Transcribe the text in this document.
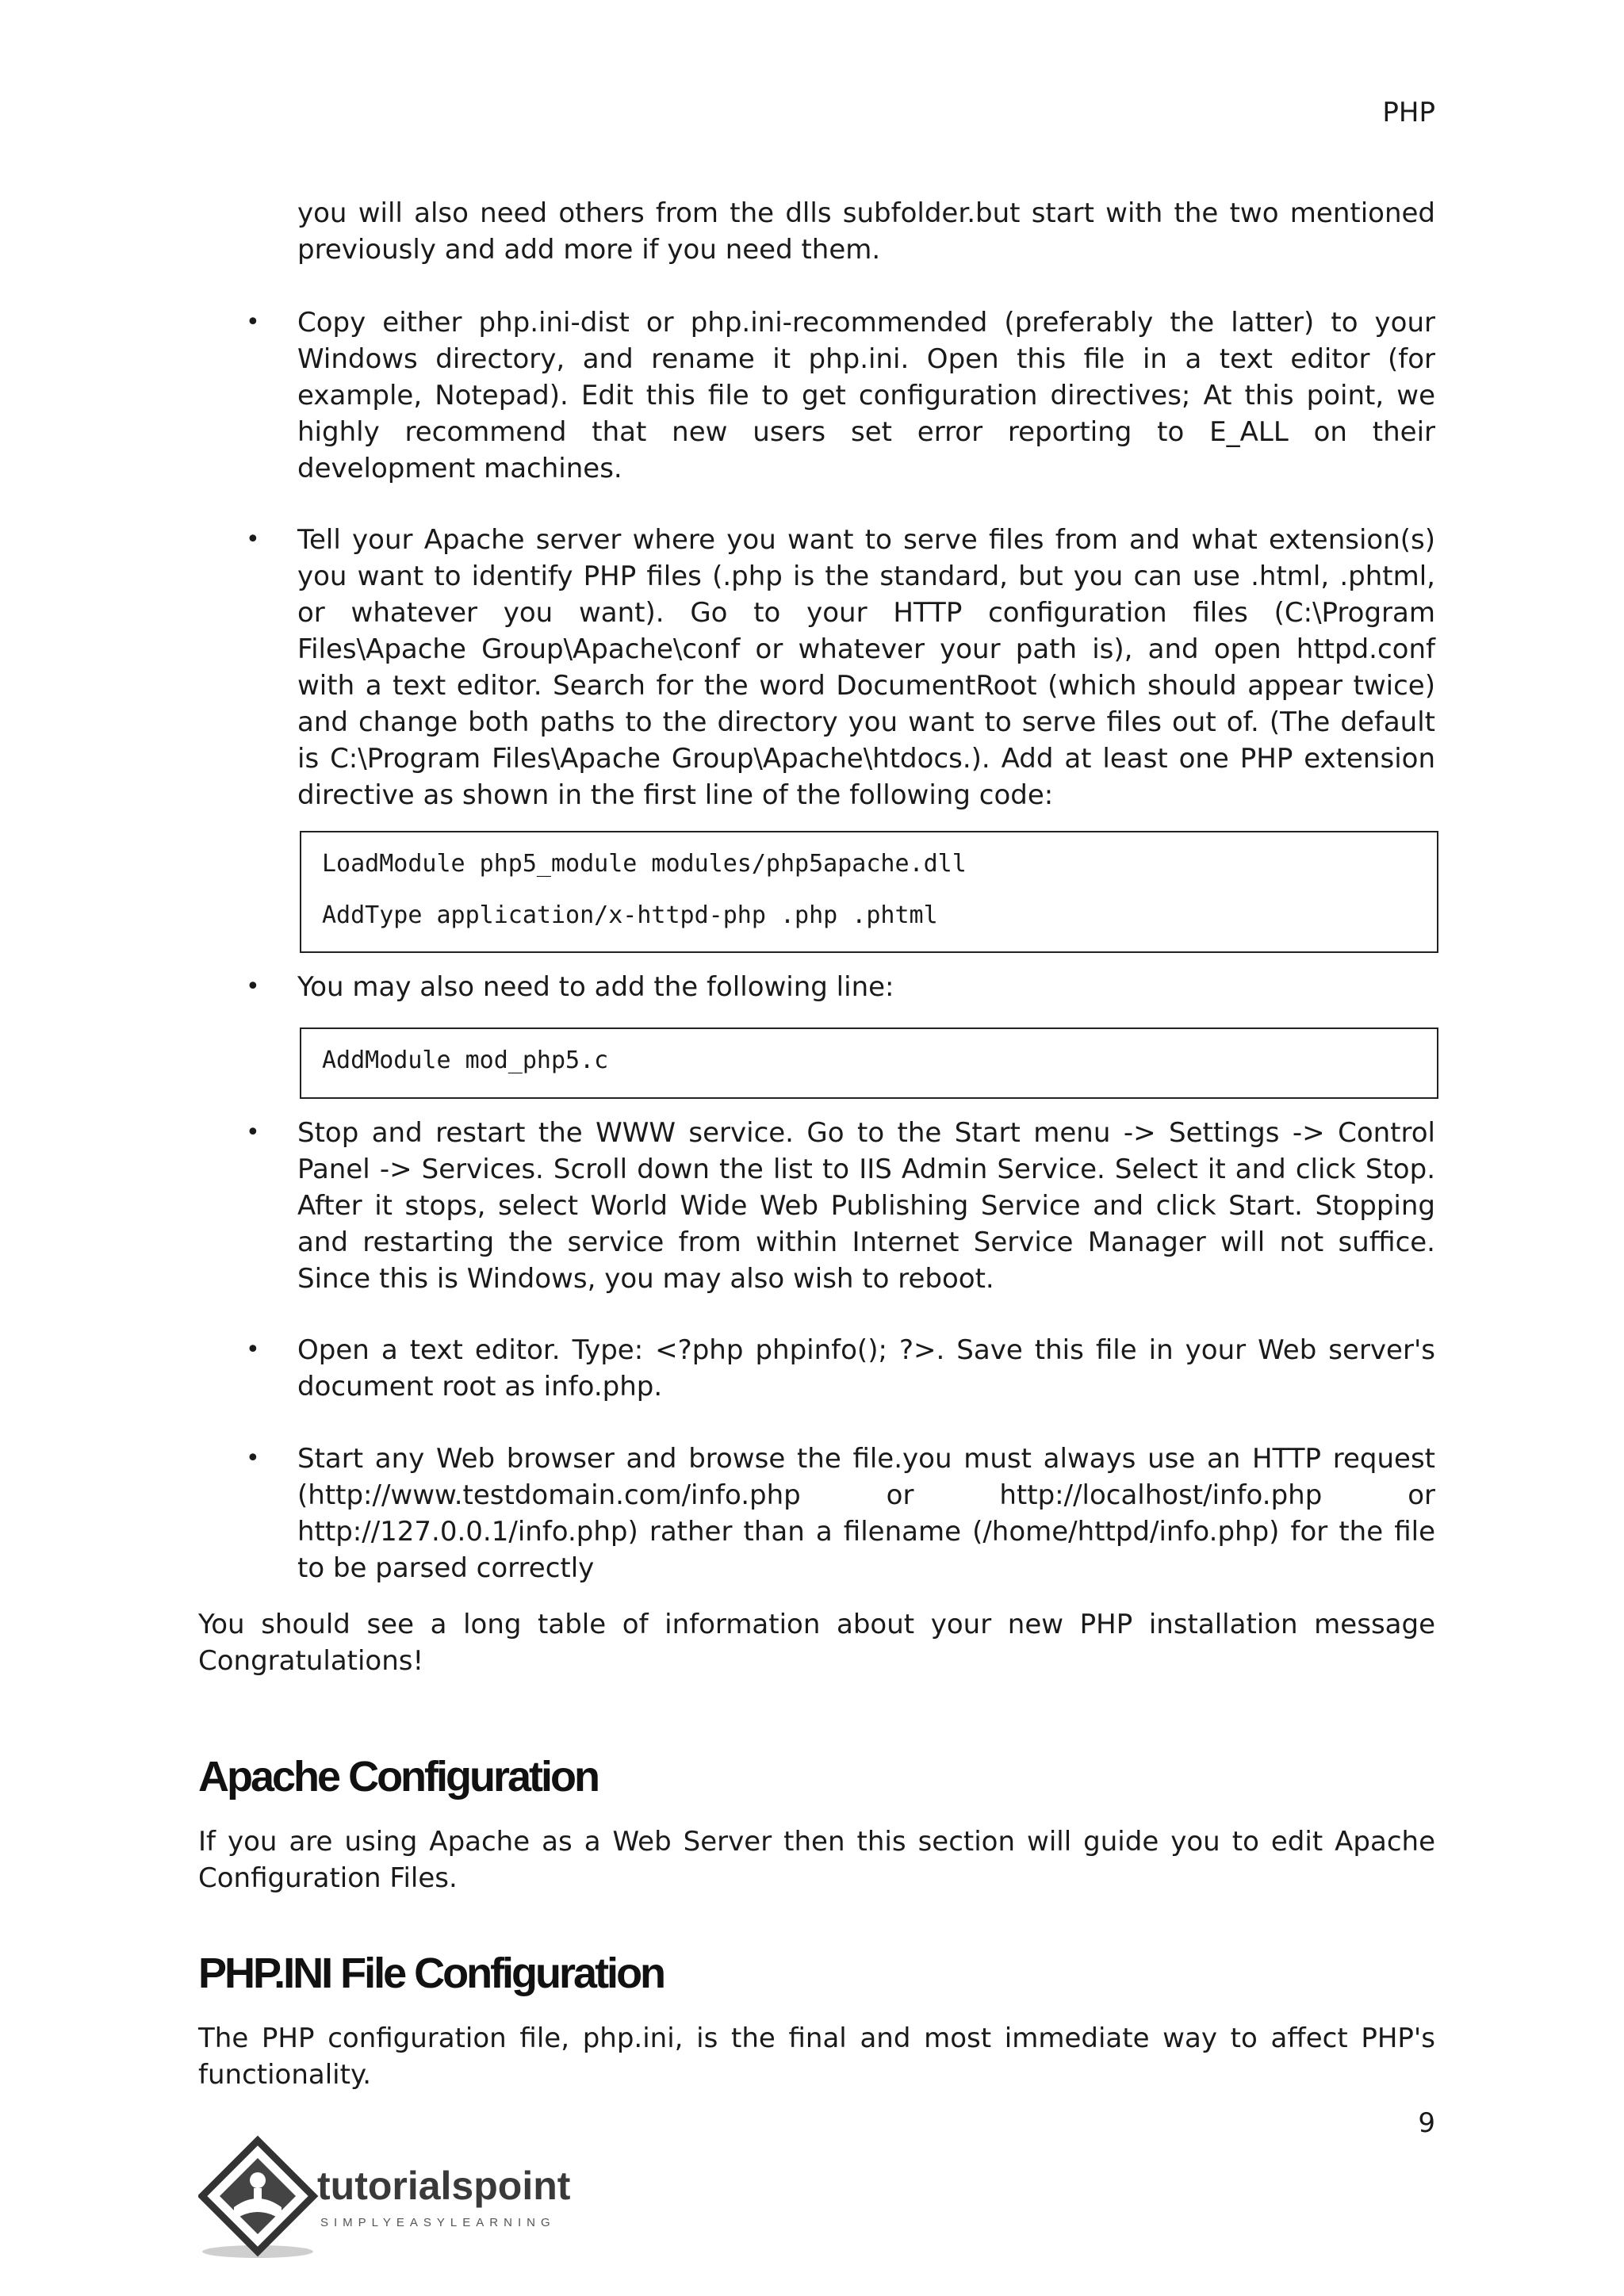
PHP
you will also need others from the dlls subfolder.but start with the two mentioned previously and add more if you need them.
• Copy either php.ini-dist or php.ini-recommended (preferably the latter) to your Windows directory, and rename it php.ini. Open this file in a text editor (for example, Notepad). Edit this file to get configuration directives; At this point, we highly recommend that new users set error reporting to E_ALL on their development machines.
• Tell your Apache server where you want to serve files from and what extension(s) you want to identify PHP files (.php is the standard, but you can use .html, .phtml, or whatever you want). Go to your HTTP configuration files (C:\Program Files\Apache Group\Apache\conf or whatever your path is), and open httpd.conf with a text editor. Search for the word DocumentRoot (which should appear twice) and change both paths to the directory you want to serve files out of. (The default is C:\Program Files\Apache Group\Apache\htdocs.). Add at least one PHP extension directive as shown in the first line of the following code:
LoadModule php5_module modules/php5apache.dll
AddType application/x-httpd-php .php .phtml
• You may also need to add the following line:
AddModule mod_php5.c
• Stop and restart the WWW service. Go to the Start menu -> Settings -> Control Panel -> Services. Scroll down the list to IIS Admin Service. Select it and click Stop. After it stops, select World Wide Web Publishing Service and click Start. Stopping and restarting the service from within Internet Service Manager will not suffice. Since this is Windows, you may also wish to reboot.
• Open a text editor. Type: <?php phpinfo(); ?>. Save this file in your Web server's document root as info.php.
• Start any Web browser and browse the file.you must always use an HTTP request (http://www.testdomain.com/info.php or http://localhost/info.php or http://127.0.0.1/info.php) rather than a filename (/home/httpd/info.php) for the file to be parsed correctly
You should see a long table of information about your new PHP installation message Congratulations!
Apache Configuration
If you are using Apache as a Web Server then this section will guide you to edit Apache Configuration Files.
PHP.INI File Configuration
The PHP configuration file, php.ini, is the final and most immediate way to affect PHP's functionality.
9
tutorialspoint
SIMPLYEASYLEARNING
